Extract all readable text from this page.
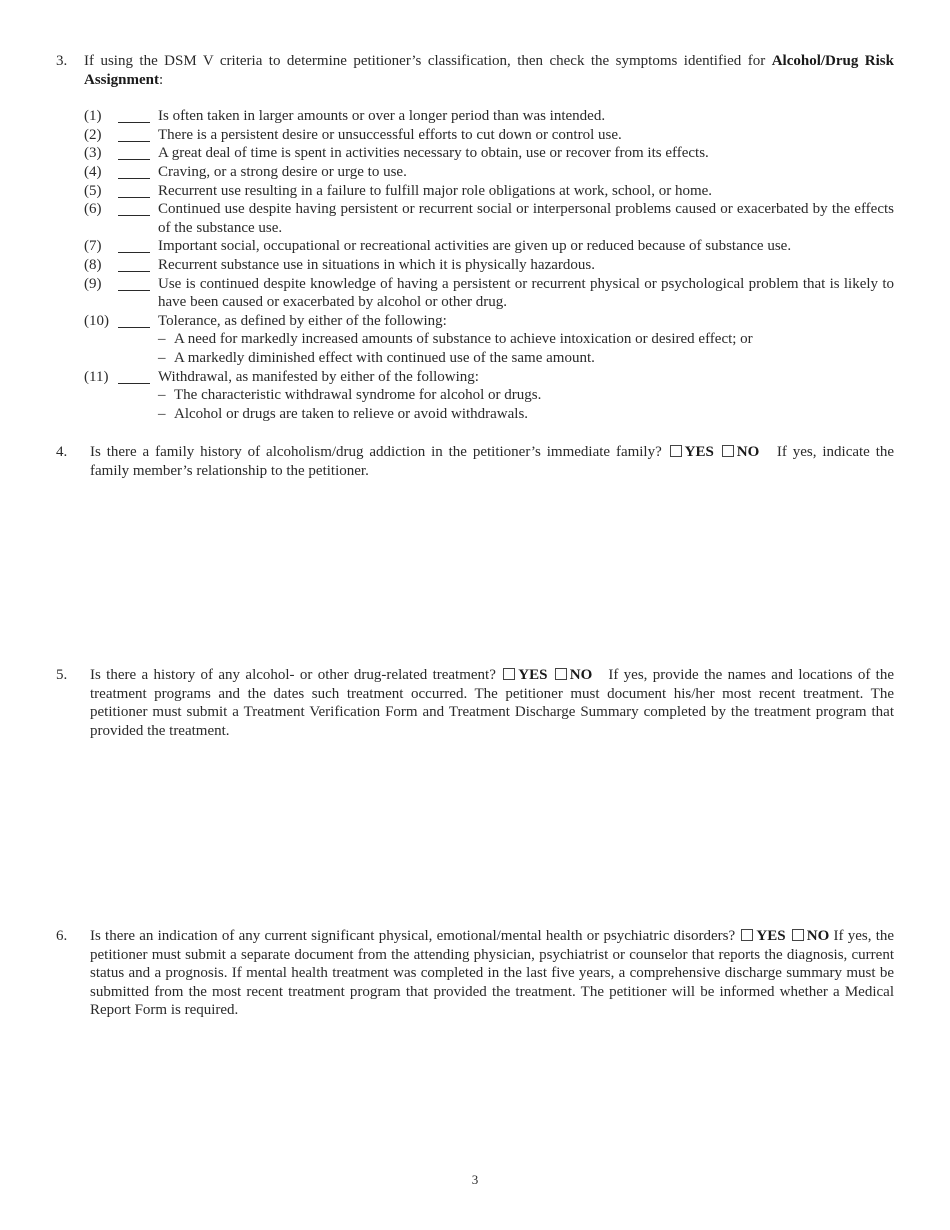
3. If using the DSM V criteria to determine petitioner’s classification, then check the symptoms identified for Alcohol/Drug Risk Assignment:
(1)	Is often taken in larger amounts or over a longer period than was intended.
(2)	There is a persistent desire or unsuccessful efforts to cut down or control use.
(3)	A great deal of time is spent in activities necessary to obtain, use or recover from its effects.
(4)	Craving, or a strong desire or urge to use.
(5)	Recurrent use resulting in a failure to fulfill major role obligations at work, school, or home.
(6)	Continued use despite having persistent or recurrent social or interpersonal problems caused or exacerbated by the effects of the substance use.
(7)	Important social, occupational or recreational activities are given up or reduced because of substance use.
(8)	Recurrent substance use in situations in which it is physically hazardous.
(9)	Use is continued despite knowledge of having a persistent or recurrent physical or psychological problem that is likely to have been caused or exacerbated by alcohol or other drug.
(10)	Tolerance, as defined by either of the following:
– A need for markedly increased amounts of substance to achieve intoxication or desired effect; or
– A markedly diminished effect with continued use of the same amount.
(11)	Withdrawal, as manifested by either of the following:
– The characteristic withdrawal syndrome for alcohol or drugs.
– Alcohol or drugs are taken to relieve or avoid withdrawals.
4. Is there a family history of alcoholism/drug addiction in the petitioner’s immediate family? YES NO If yes, indicate the family member’s relationship to the petitioner.
5. Is there a history of any alcohol- or other drug-related treatment? YES NO If yes, provide the names and locations of the treatment programs and the dates such treatment occurred. The petitioner must document his/her most recent treatment. The petitioner must submit a Treatment Verification Form and Treatment Discharge Summary completed by the treatment program that provided the treatment.
6. Is there an indication of any current significant physical, emotional/mental health or psychiatric disorders? YES NO If yes, the petitioner must submit a separate document from the attending physician, psychiatrist or counselor that reports the diagnosis, current status and a prognosis. If mental health treatment was completed in the last five years, a comprehensive discharge summary must be submitted from the most recent treatment program that provided the treatment. The petitioner will be informed whether a Medical Report Form is required.
3
